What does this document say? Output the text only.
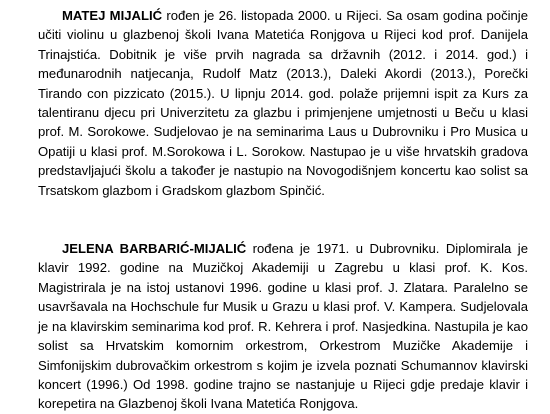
MATEJ MIJALIĆ rođen je 26. listopada 2000. u Rijeci. Sa osam godina počinje
učiti violinu u glazbenoj školi Ivana Matetića Ronjgova u Rijeci kod prof. Danijela
Trinajstića. Dobitnik je više prvih nagrada sa državnih (2012. i 2014. god.) i
međunarodnih natjecanja, Rudolf Matz (2013.), Daleki Akordi (2013.), Porečki
Tirando con pizzicato (2015.). U lipnju 2014. god. polaže prijemni ispit za Kurs za
talentiranu djecu pri Univerzitetu za glazbu i primjenjene umjetnosti u Beču u klasi
prof. M. Sorokowe. Sudjelovao je na seminarima Laus u Dubrovniku i Pro Musica u
Opatiji u klasi prof. M.Sorokowa i L. Sorokow. Nastupao je u više hrvatskih gradova
predstavljajući školu a također je nastupio na Novogodišnjem koncertu kao solist sa
Trsatskom glazbom i Gradskom glazbom Spinčić.

JELENA BARBARIĆ-MIJALIĆ rođena je 1971. u Dubrovniku. Diplomirala je
klavir 1992. godine na Muzičkoj Akademiji u Zagrebu u klasi prof. K. Kos.
Magistrirala je na istoj ustanovi 1996. godine u klasi prof. J. Zlatara. Paralelno se
usavršavala na Hochschule fur Musik u Grazu u klasi prof. V. Kampera. Sudjelovala
je na klavirskim seminarima kod prof. R. Kehrera i prof. Nasjedkina. Nastupila je kao
solist sa Hrvatskim komornim orkestrom, Orkestrom Muzičke Akademije i
Simfonijskim dubrovačkim orkestrom s kojim je izvela poznati Schumannov klavirski
koncert (1996.) Od 1998. godine trajno se nastanjuje u Rijeci gdje predaje klavir i
korepetira na Glazbenoj školi Ivana Matetića Ronjgova.
